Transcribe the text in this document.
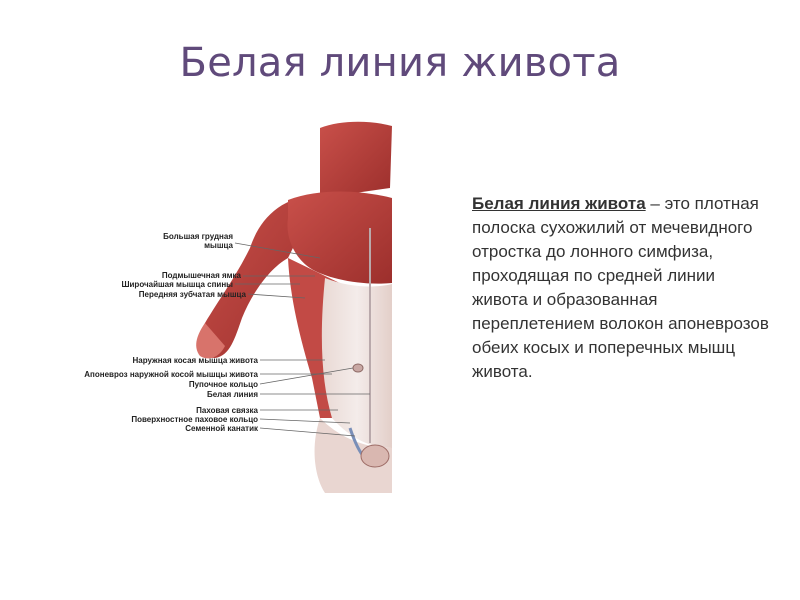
Белая линия живота
Большая грудная
мышца
Подмышечная ямка
Широчайшая мышца спины
Передняя зубчатая мышца
Наружная косая мышца живота
Апоневроз наружной косой мышцы живота
Пупочное кольцо
Белая линия
Паховая связка
Поверхностное паховое кольцо
Семенной канатик
Белая линия живота – это плотная полоска сухожилий от мечевидного отростка до лонного симфиза, проходящая по средней линии живота и образованная переплетением волокон апоневрозов обеих косых и поперечных мышц живота.
